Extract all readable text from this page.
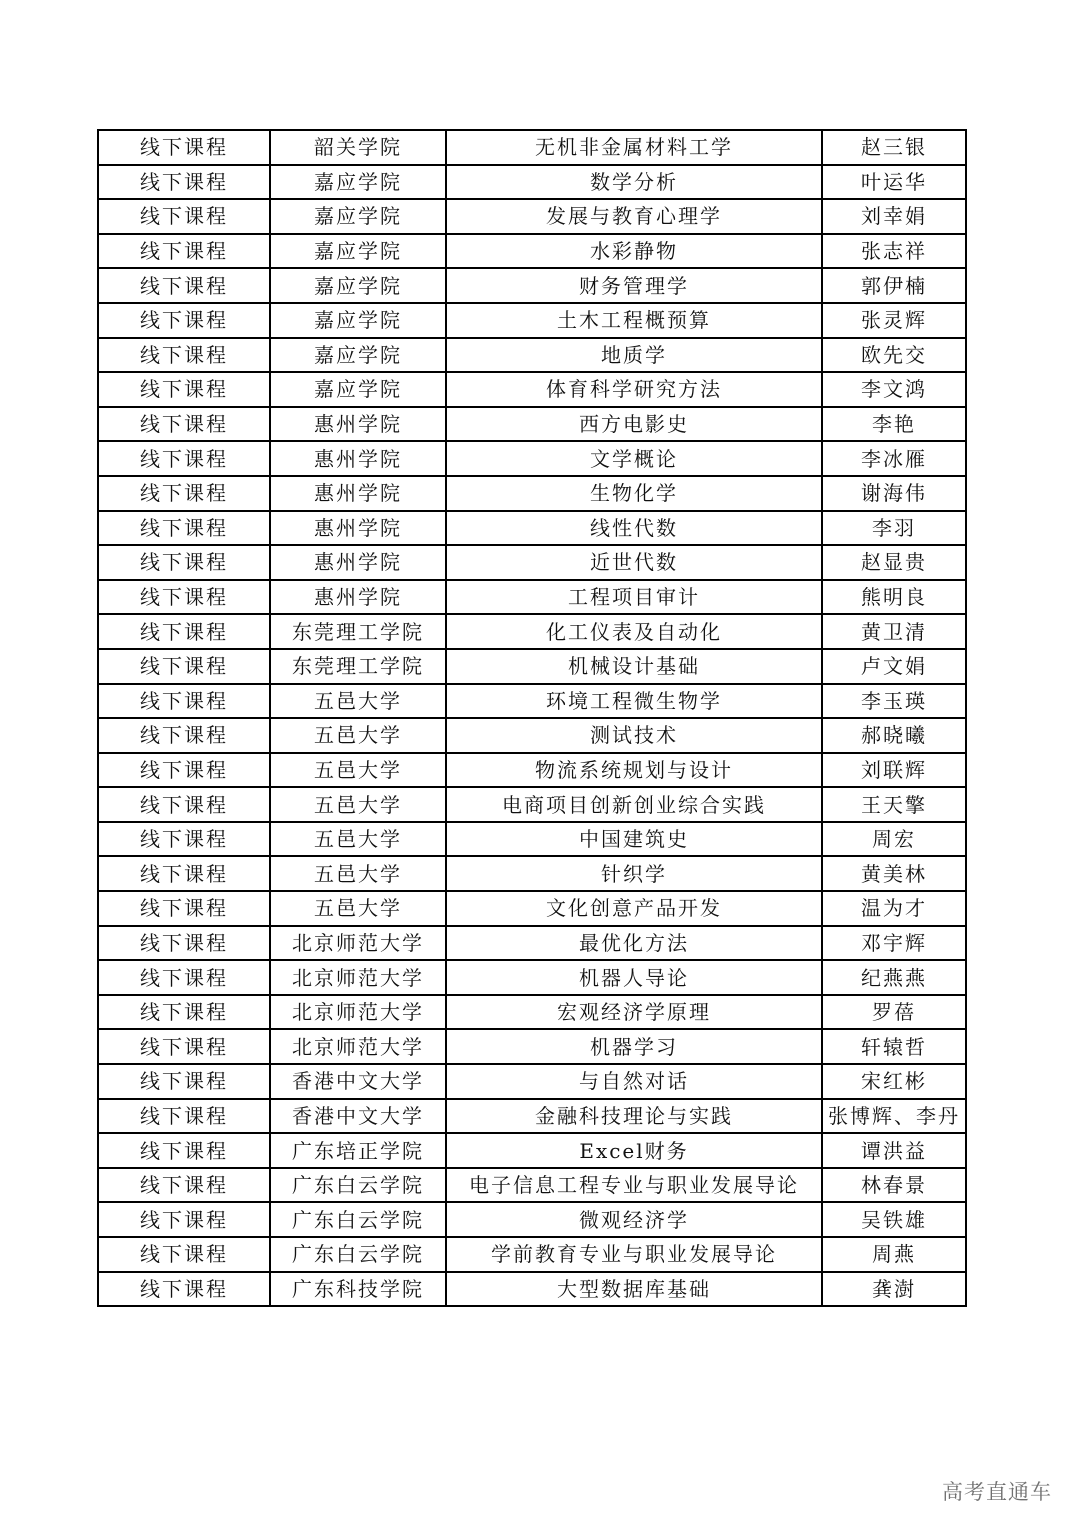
线下课程	韶关学院	无机非金属材料工学	赵三银
线下课程	嘉应学院	数学分析	叶运华
线下课程	嘉应学院	发展与教育心理学	刘幸娟
线下课程	嘉应学院	水彩静物	张志祥
线下课程	嘉应学院	财务管理学	郭伊楠
线下课程	嘉应学院	土木工程概预算	张灵辉
线下课程	嘉应学院	地质学	欧先交
线下课程	嘉应学院	体育科学研究方法	李文鸿
线下课程	惠州学院	西方电影史	李艳
线下课程	惠州学院	文学概论	李冰雁
线下课程	惠州学院	生物化学	谢海伟
线下课程	惠州学院	线性代数	李羽
线下课程	惠州学院	近世代数	赵显贵
线下课程	惠州学院	工程项目审计	熊明良
线下课程	东莞理工学院	化工仪表及自动化	黄卫清
线下课程	东莞理工学院	机械设计基础	卢文娟
线下课程	五邑大学	环境工程微生物学	李玉瑛
线下课程	五邑大学	测试技术	郝晓曦
线下课程	五邑大学	物流系统规划与设计	刘联辉
线下课程	五邑大学	电商项目创新创业综合实践	王天擎
线下课程	五邑大学	中国建筑史	周宏
线下课程	五邑大学	针织学	黄美林
线下课程	五邑大学	文化创意产品开发	温为才
线下课程	北京师范大学	最优化方法	邓宇辉
线下课程	北京师范大学	机器人导论	纪燕燕
线下课程	北京师范大学	宏观经济学原理	罗蓓
线下课程	北京师范大学	机器学习	轩辕哲
线下课程	香港中文大学	与自然对话	宋红彬
线下课程	香港中文大学	金融科技理论与实践	张博辉、李丹
线下课程	广东培正学院	Excel财务	谭洪益
线下课程	广东白云学院	电子信息工程专业与职业发展导论	林春景
线下课程	广东白云学院	微观经济学	吴铁雄
线下课程	广东白云学院	学前教育专业与职业发展导论	周燕
线下课程	广东科技学院	大型数据库基础	龚澍
高考直通车
